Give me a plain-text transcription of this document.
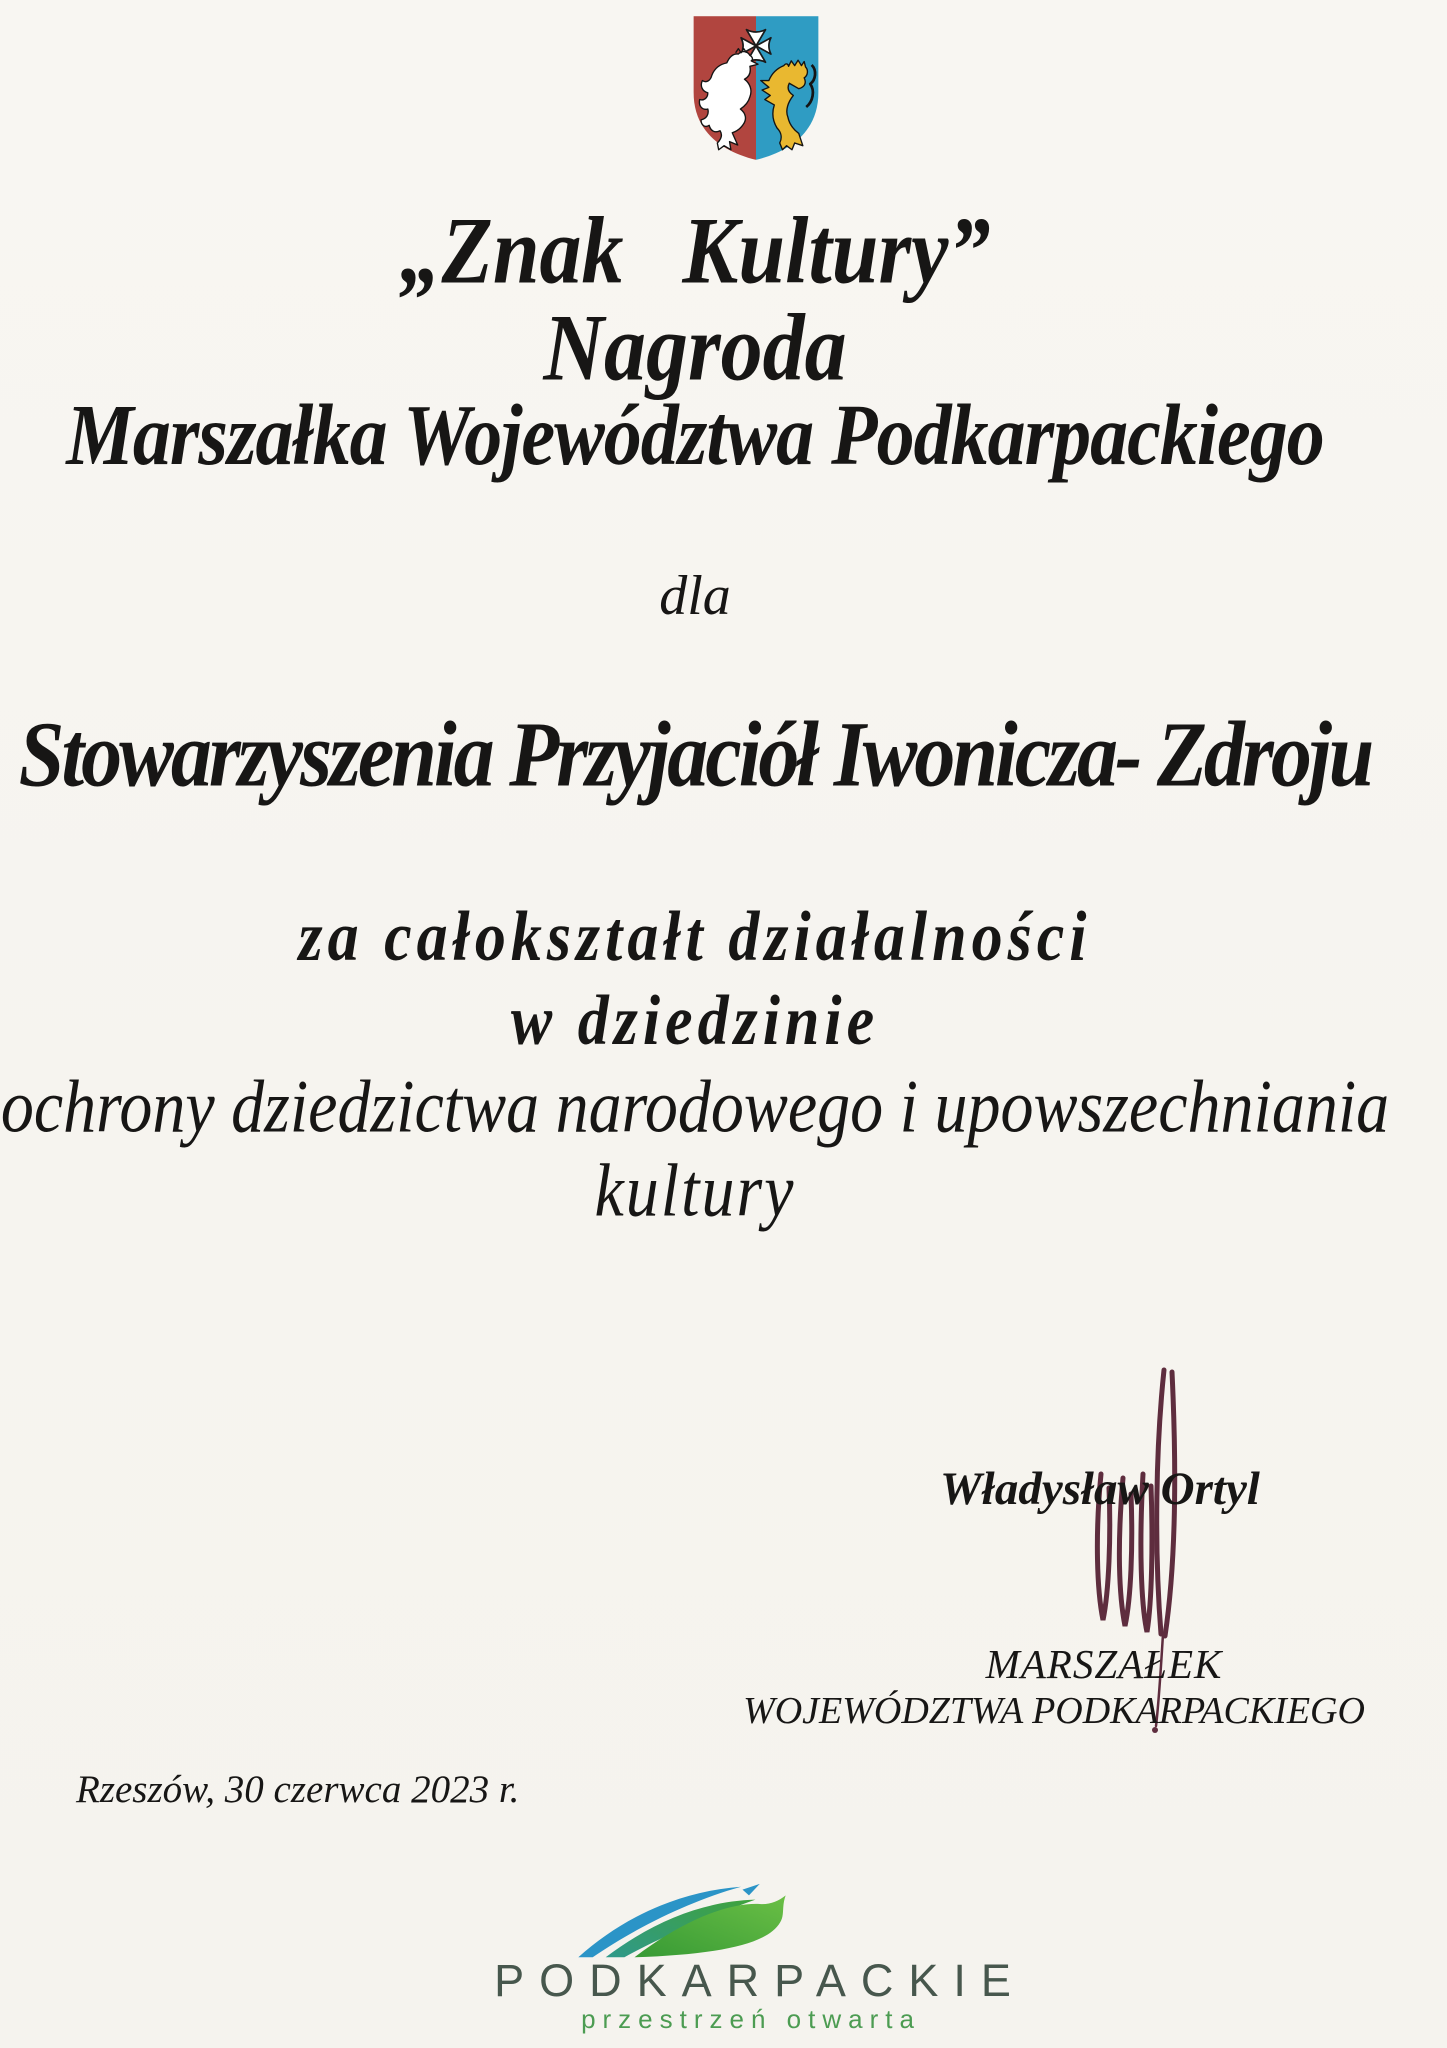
„Znak Kultury”
Nagroda
Marszałka Województwa Podkarpackiego
dla
Stowarzyszenia Przyjaciół Iwonicza- Zdroju
za całokształt działalności
w dziedzinie
ochrony dziedzictwa narodowego i upowszechniania
kultury
Władysław Ortyl
MARSZAŁEK
WOJEWÓDZTWA PODKARPACKIEGO
Rzeszów, 30 czerwca 2023 r.
PODKARPACKIE
przestrzeń otwarta
